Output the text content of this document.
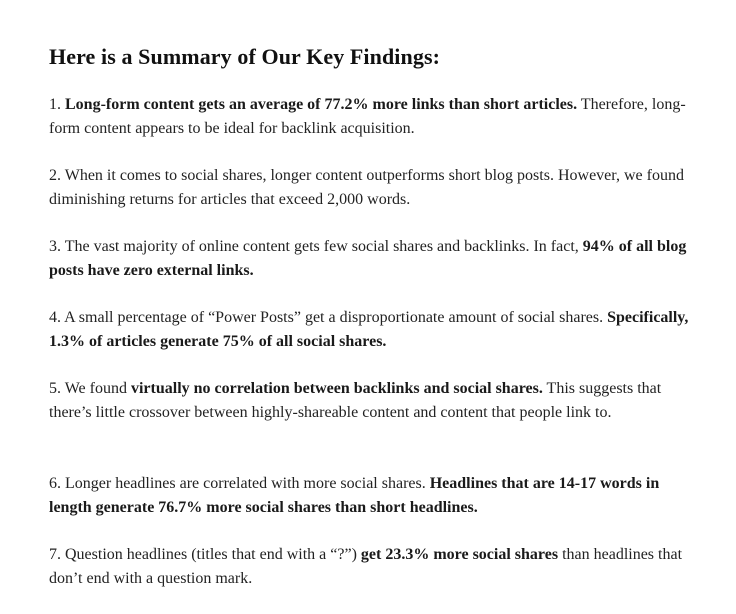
Here is a Summary of Our Key Findings:

1. Long-form content gets an average of 77.2% more links than short articles. Therefore, long-form content appears to be ideal for backlink acquisition.

2. When it comes to social shares, longer content outperforms short blog posts. However, we found diminishing returns for articles that exceed 2,000 words.

3. The vast majority of online content gets few social shares and backlinks. In fact, 94% of all blog posts have zero external links.

4. A small percentage of “Power Posts” get a disproportionate amount of social shares. Specifically, 1.3% of articles generate 75% of all social shares.

5. We found virtually no correlation between backlinks and social shares. This suggests that there’s little crossover between highly-shareable content and content that people link to.

6. Longer headlines are correlated with more social shares. Headlines that are 14-17 words in length generate 76.7% more social shares than short headlines.

7. Question headlines (titles that end with a “?”) get 23.3% more social shares than headlines that don’t end with a question mark.
